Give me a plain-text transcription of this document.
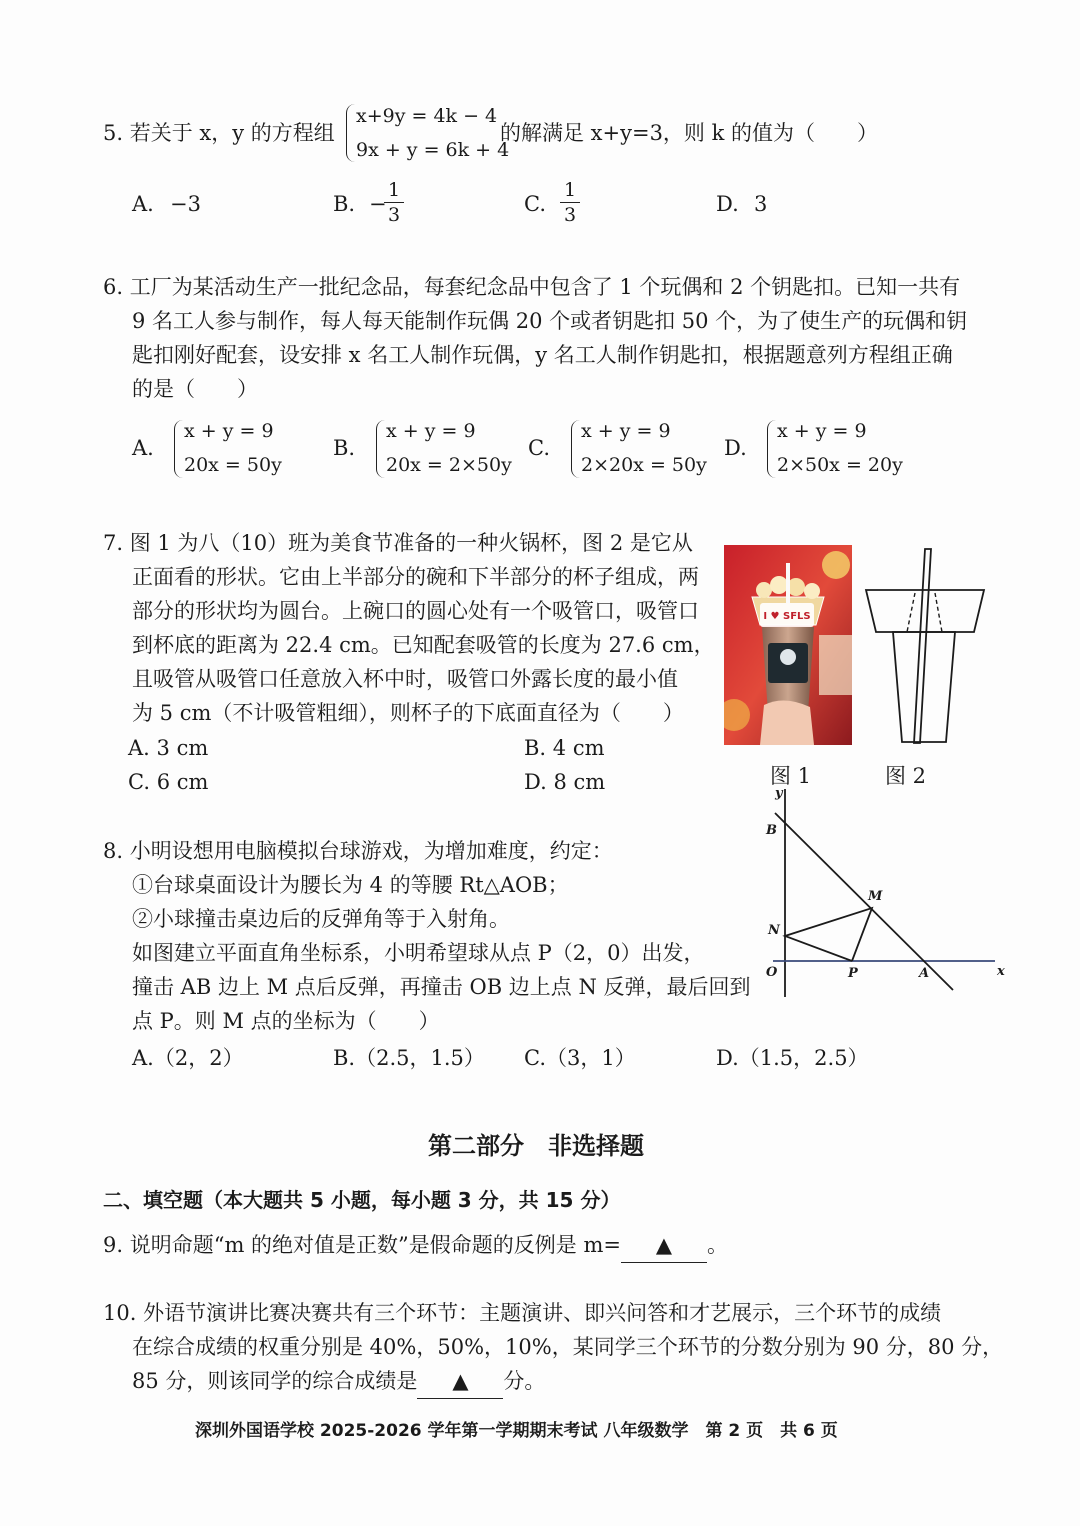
5. 若关于 x，y 的方程组
x+9y = 4k − 4
9x + y = 6k + 4
的解满足 x+y=3，则 k 的值为（　　）
A. −3	B. −
$\frac{1}{3}$	C. $\frac{1}{3}$	D. 3
6. 工厂为某活动生产一批纪念品，每套纪念品中包含了 1 个玩偶和 2 个钥匙扣。已知一共有
9 名工人参与制作，每人每天能制作玩偶 20 个或者钥匙扣 50 个，为了使生产的玩偶和钥
匙扣刚好配套，设安排 x 名工人制作玩偶，y 名工人制作钥匙扣，根据题意列方程组正确
的是（　　）
A.
x + y = 9
20x = 50y
B.
x + y = 9
20x = 2×50y
C.
x + y = 9
2×20x = 50y
D.
x + y = 9
2×50x = 20y
7. 图 1 为八（10）班为美食节准备的一种火锅杯，图 2 是它从
正面看的形状。它由上半部分的碗和下半部分的杯子组成，两
部分的形状均为圆台。上碗口的圆心处有一个吸管口，吸管口
到杯底的距离为 22.4 cm。已知配套吸管的长度为 27.6 cm，
且吸管从吸管口任意放入杯中时，吸管口外露长度的最小值
为 5 cm（不计吸管粗细），则杯子的下底面直径为（　　）
A. 3 cm	B. 4 cm
C. 6 cm	D. 8 cm
I ♥ SFLS
图 1	图 2
8. 小明设想用电脑模拟台球游戏，为增加难度，约定：
①台球桌面设计为腰长为 4 的等腰 Rt△AOB；
②小球撞击桌边后的反弹角等于入射角。
如图建立平面直角坐标系，小明希望球从点 P（2，0）出发，
撞击 AB 边上 M 点后反弹，再撞击 OB 边上点 N 反弹，最后回到
点 P。则 M 点的坐标为（　　）
A.（2，2）	B.（2.5，1.5） C.（3，1）	D.（1.5，2.5）
y
x
B
M
N
O	P	A
第二部分　非选择题
二、填空题（本大题共 5 小题，每小题 3 分，共 15 分）
9. 说明命题“m 的绝对值是正数”是假命题的反例是 m= ▲ 。
10. 外语节演讲比赛决赛共有三个环节：主题演讲、即兴问答和才艺展示，三个环节的成绩
在综合成绩的权重分别是 40%，50%，10%，某同学三个环节的分数分别为 90 分，80 分，
85 分，则该同学的综合成绩是 ▲ 分。
深圳外国语学校 2025-2026 学年第一学期期末考试 八年级数学　第 2 页　共 6 页
